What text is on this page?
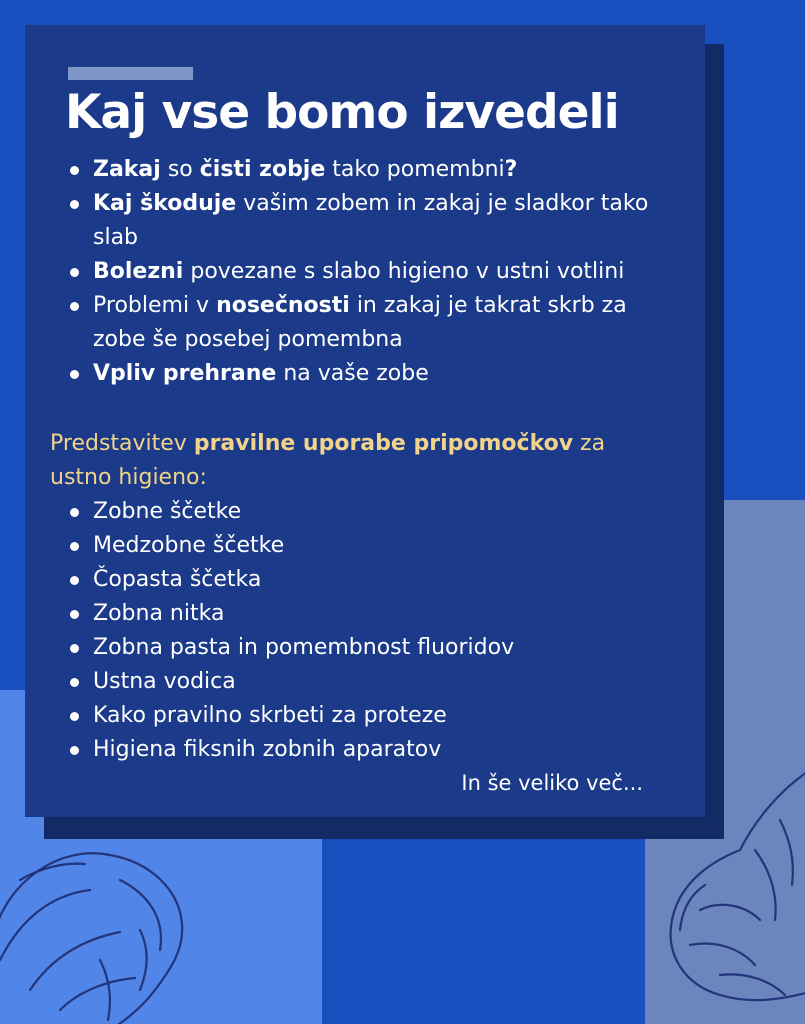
Kaj vse bomo izvedeli
Zakaj so čisti zobje tako pomembni?
Kaj škoduje vašim zobem in zakaj je sladkor tako slab
Bolezni povezane s slabo higieno v ustni votlini
Problemi v nosečnosti in zakaj je takrat skrb za zobe še posebej pomembna
Vpliv prehrane na vaše zobe
Predstavitev pravilne uporabe pripomočkov za ustno higieno:
Zobne ščetke
Medzobne ščetke
Čopasta ščetka
Zobna nitka
Zobna pasta in pomembnost fluoridov
Ustna vodica
Kako pravilno skrbeti za proteze
Higiena fiksnih zobnih aparatov
In še veliko več...
